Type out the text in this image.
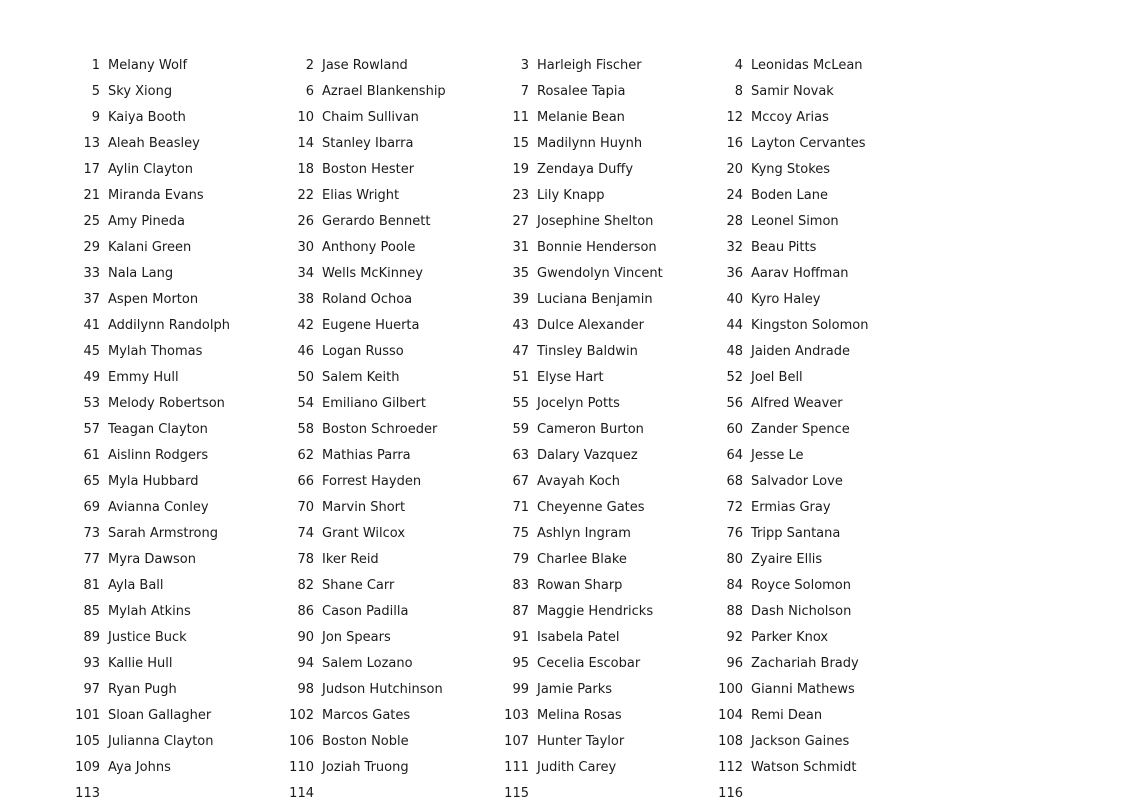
1 Melany Wolf	2 Jase Rowland	3 Harleigh Fischer	4 Leonidas McLean
5 Sky Xiong	6 Azrael Blankenship	7 Rosalee Tapia	8 Samir Novak
9 Kaiya Booth	10 Chaim Sullivan	11 Melanie Bean	12 Mccoy Arias
13 Aleah Beasley	14 Stanley Ibarra	15 Madilynn Huynh	16 Layton Cervantes
17 Aylin Clayton	18 Boston Hester	19 Zendaya Duffy	20 Kyng Stokes
21 Miranda Evans	22 Elias Wright	23 Lily Knapp	24 Boden Lane
25 Amy Pineda	26 Gerardo Bennett	27 Josephine Shelton	28 Leonel Simon
29 Kalani Green	30 Anthony Poole	31 Bonnie Henderson	32 Beau Pitts
33 Nala Lang	34 Wells McKinney	35 Gwendolyn Vincent	36 Aarav Hoffman
37 Aspen Morton	38 Roland Ochoa	39 Luciana Benjamin	40 Kyro Haley
41 Addilynn Randolph	42 Eugene Huerta	43 Dulce Alexander	44 Kingston Solomon
45 Mylah Thomas	46 Logan Russo	47 Tinsley Baldwin	48 Jaiden Andrade
49 Emmy Hull	50 Salem Keith	51 Elyse Hart	52 Joel Bell
53 Melody Robertson	54 Emiliano Gilbert	55 Jocelyn Potts	56 Alfred Weaver
57 Teagan Clayton	58 Boston Schroeder	59 Cameron Burton	60 Zander Spence
61 Aislinn Rodgers	62 Mathias Parra	63 Dalary Vazquez	64 Jesse Le
65 Myla Hubbard	66 Forrest Hayden	67 Avayah Koch	68 Salvador Love
69 Avianna Conley	70 Marvin Short	71 Cheyenne Gates	72 Ermias Gray
73 Sarah Armstrong	74 Grant Wilcox	75 Ashlyn Ingram	76 Tripp Santana
77 Myra Dawson	78 Iker Reid	79 Charlee Blake	80 Zyaire Ellis
81 Ayla Ball	82 Shane Carr	83 Rowan Sharp	84 Royce Solomon
85 Mylah Atkins	86 Cason Padilla	87 Maggie Hendricks	88 Dash Nicholson
89 Justice Buck	90 Jon Spears	91 Isabela Patel	92 Parker Knox
93 Kallie Hull	94 Salem Lozano	95 Cecelia Escobar	96 Zachariah Brady
97 Ryan Pugh	98 Judson Hutchinson	99 Jamie Parks	100 Gianni Mathews
101 Sloan Gallagher	102 Marcos Gates	103 Melina Rosas	104 Remi Dean
105 Julianna Clayton	106 Boston Noble	107 Hunter Taylor	108 Jackson Gaines
109 Aya Johns	110 Joziah Truong	111 Judith Carey	112 Watson Schmidt
113	114	115	116
